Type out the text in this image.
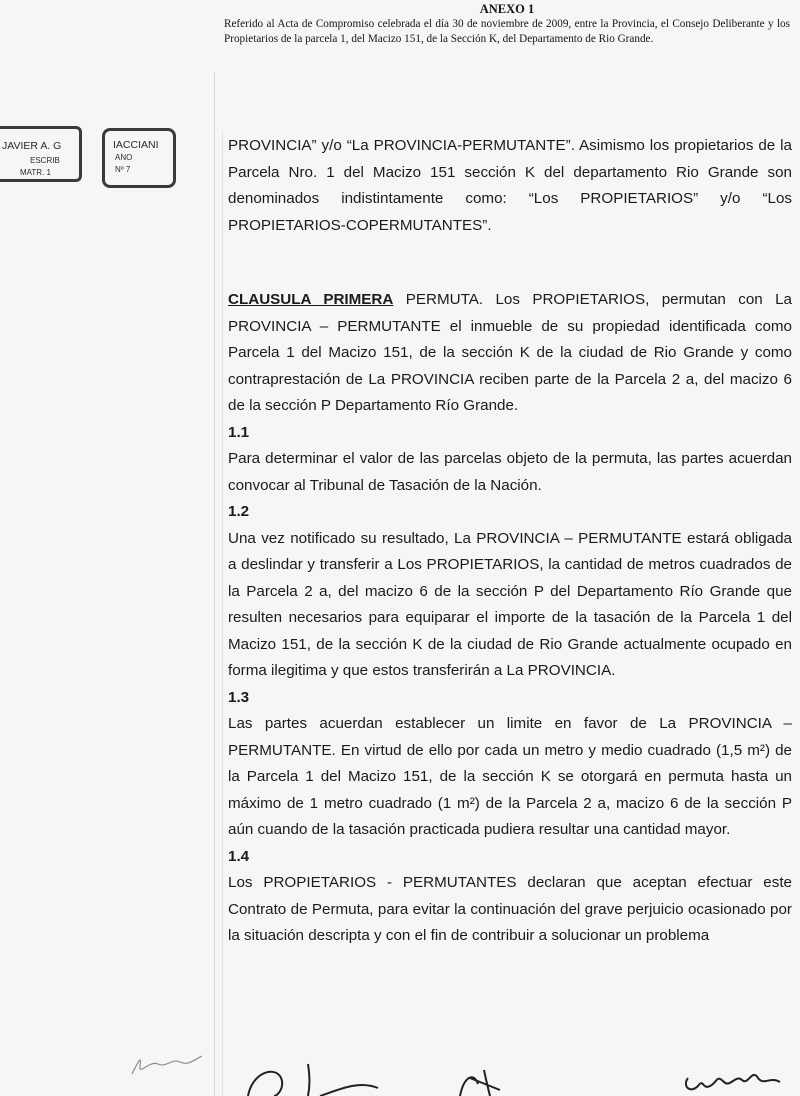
ANEXO 1
Referido al Acta de Compromiso celebrada el día 30 de noviembre de 2009, entre la Provincia, el Consejo Deliberante y los Propietarios de la parcela 1, del Macizo 151, de la Sección K, del Departamento de Rio Grande.
JAVIER A. G
ESCRIB
MATR. 1
IACCIANI
ANO
Nº 7

PROVINCIA” y/o “La PROVINCIA-PERMUTANTE”. Asimismo los propietarios de la Parcela Nro. 1 del Macizo 151 sección K del departamento Rio Grande son denominados indistintamente como: “Los PROPIETARIOS” y/o “Los PROPIETARIOS-COPERMUTANTES”.

CLAUSULA PRIMERA PERMUTA. Los PROPIETARIOS, permutan con La PROVINCIA – PERMUTANTE el inmueble de su propiedad identificada como Parcela 1 del Macizo 151, de la sección K de la ciudad de Rio Grande y como contraprestación de La PROVINCIA reciben parte de la Parcela 2 a, del macizo 6 de la sección P Departamento Río Grande.

1.1

Para determinar el valor de las parcelas objeto de la permuta, las partes acuerdan convocar al Tribunal de Tasación de la Nación.

1.2

Una vez notificado su resultado, La PROVINCIA – PERMUTANTE estará obligada a deslindar y transferir a Los PROPIETARIOS, la cantidad de metros cuadrados de la Parcela 2 a, del macizo 6 de la sección P del Departamento Río Grande que resulten necesarios para equiparar el importe de la tasación de la Parcela 1 del Macizo 151, de la sección K de la ciudad de Rio Grande actualmente ocupado en forma ilegitima y que estos transferirán a La PROVINCIA.

1.3

Las partes acuerdan establecer un limite en favor de La PROVINCIA – PERMUTANTE. En virtud de ello por cada un metro y medio cuadrado (1,5 m²) de la Parcela 1 del Macizo 151, de la sección K se otorgará en permuta hasta un máximo de 1 metro cuadrado (1 m²) de la Parcela 2 a, macizo 6 de la sección P aún cuando de la tasación practicada pudiera resultar una cantidad mayor.

1.4

Los PROPIETARIOS - PERMUTANTES declaran que aceptan efectuar este Contrato de Permuta, para evitar la continuación del grave perjuicio ocasionado por la situación descripta y con el fin de contribuir a solucionar un problema
